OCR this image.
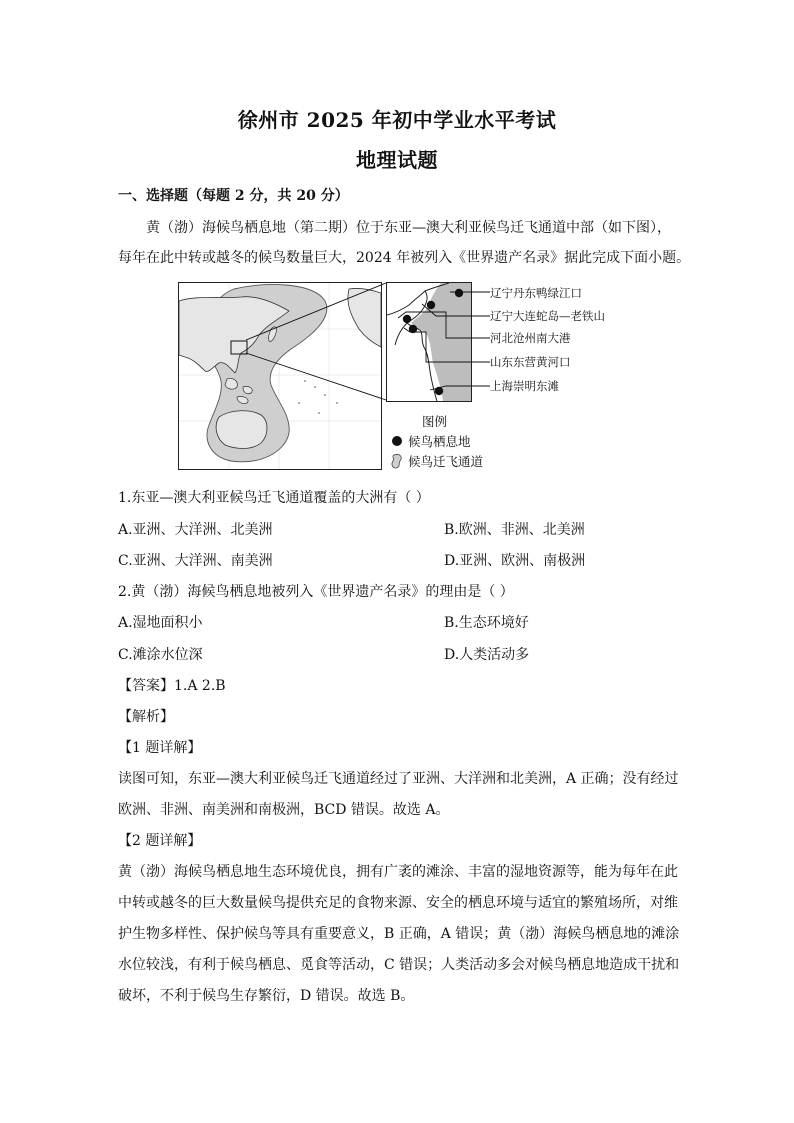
徐州市 2025 年初中学业水平考试
地理试题
一、选择题（每题 2 分，共 20 分）
黄（渤）海候鸟栖息地（第二期）位于东亚—澳大利亚候鸟迁飞通道中部（如下图），
每年在此中转或越冬的候鸟数量巨大，2024 年被列入《世界遗产名录》据此完成下面小题。
辽宁丹东鸭绿江口
辽宁大连蛇岛—老铁山
河北沧州南大港
山东东营黄河口
上海崇明东滩
图例
候鸟栖息地
候鸟迁飞通道
1.东亚—澳大利亚候鸟迁飞通道覆盖的大洲有（ ）
A.亚洲、大洋洲、北美洲	B.欧洲、非洲、北美洲
C.亚洲、大洋洲、南美洲	D.亚洲、欧洲、南极洲
2.黄（渤）海候鸟栖息地被列入《世界遗产名录》的理由是（ ）
A.湿地面积小	B.生态环境好
C.滩涂水位深	D.人类活动多
【答案】1.A 2.B
【解析】
【1 题详解】
读图可知，东亚—澳大利亚候鸟迁飞通道经过了亚洲、大洋洲和北美洲，A 正确；没有经过
欧洲、非洲、南美洲和南极洲，BCD 错误。故选 A。
【2 题详解】
黄（渤）海候鸟栖息地生态环境优良，拥有广袤的滩涂、丰富的湿地资源等，能为每年在此
中转或越冬的巨大数量候鸟提供充足的食物来源、安全的栖息环境与适宜的繁殖场所，对维
护生物多样性、保护候鸟等具有重要意义，B 正确，A 错误；黄（渤）海候鸟栖息地的滩涂
水位较浅，有利于候鸟栖息、觅食等活动，C 错误；人类活动多会对候鸟栖息地造成干扰和
破坏，不利于候鸟生存繁衍，D 错误。故选 B。
